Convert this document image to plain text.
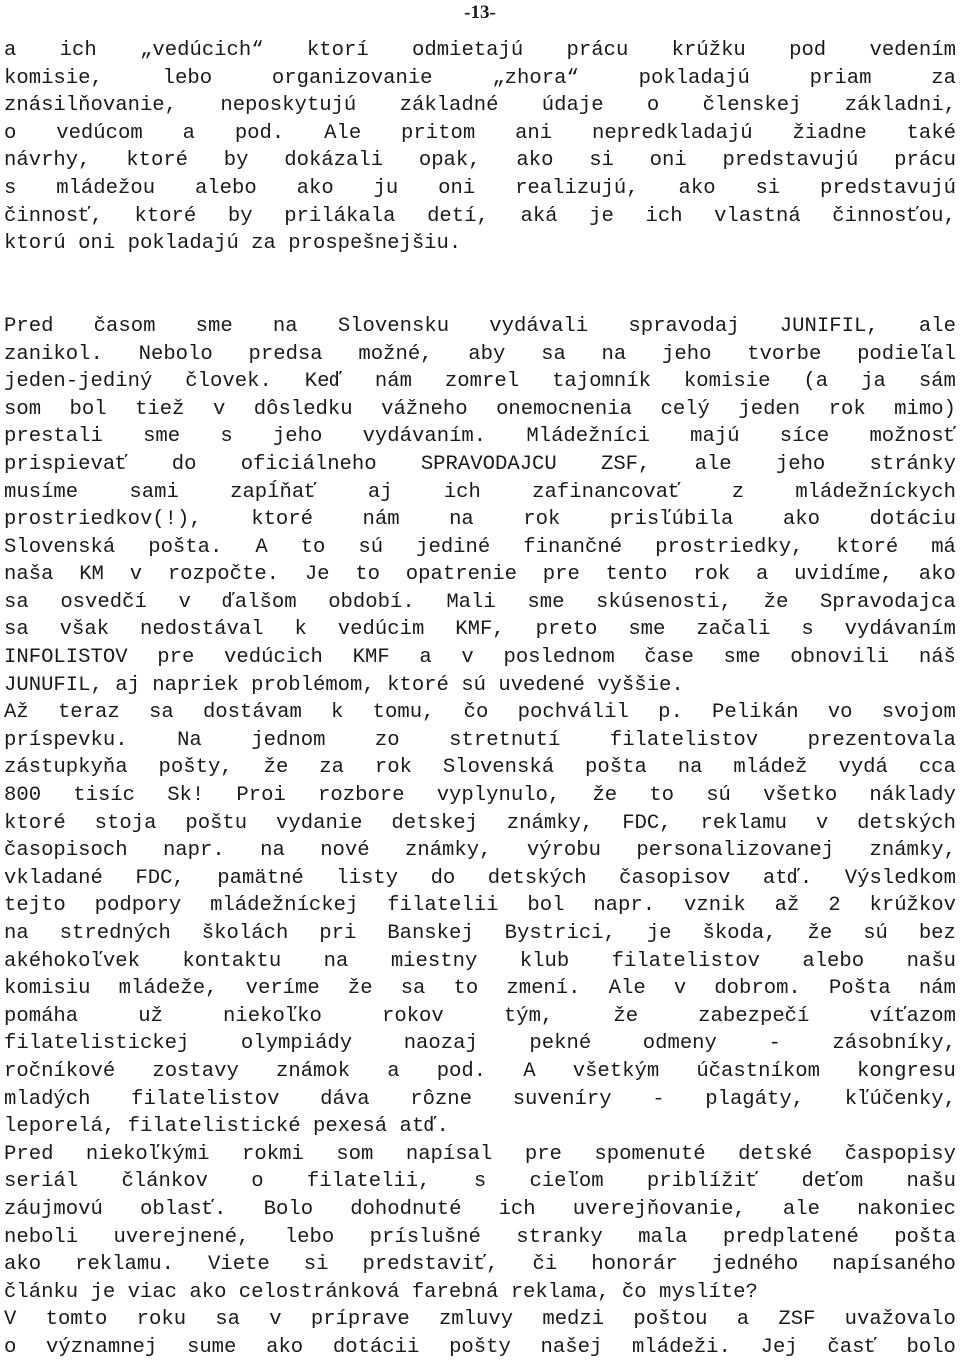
-13-
a ich „vedúcich“ ktorí odmietajú prácu krúžku pod vedením
komisie,	lebo	organizovanie	„zhora“	pokladajú	priam	za
znásilňovanie, neposkytujú základné údaje o členskej základni,
o vedúcom a pod. Ale pritom ani nepredkladajú žiadne také
návrhy, ktoré by dokázali opak, ako si oni predstavujú prácu
s mládežou alebo ako ju oni realizujú, ako si predstavujú
činnosť, ktoré by prilákala detí, aká je ich vlastná činnosťou,
ktorú oni pokladajú za prospešnejšiu.
Pred časom sme na Slovensku vydávali spravodaj JUNIFIL, ale
zanikol. Nebolo predsa možné, aby sa na jeho tvorbe podieľal
jeden-jediný človek. Keď nám zomrel tajomník komisie (a ja sám
som bol tiež v dôsledku vážneho onemocnenia celý jeden rok mimo)
prestali sme s jeho vydávaním. Mládežníci majú síce možnosť
prispievať do oficiálneho SPRAVODAJCU ZSF, ale jeho stránky
musíme sami zapĺňať aj ich zafinancovať z mládežníckych
prostriedkov(!), ktoré nám na rok prisľúbila ako dotáciu
Slovenská pošta. A to sú jediné finančné prostriedky, ktoré má
naša KM v rozpočte. Je to opatrenie pre tento rok a uvidíme, ako
sa osvedčí v ďalšom období. Mali sme skúsenosti, že Spravodajca
sa však nedostával k vedúcim KMF, preto sme začali s vydávaním
INFOLISTOV pre vedúcich KMF a v poslednom čase sme obnovili náš
JUNUFIL, aj napriek problémom, ktoré sú uvedené vyššie.
Až teraz sa dostávam k tomu, čo pochválil p. Pelikán vo svojom
príspevku. Na jednom zo stretnutí filatelistov prezentovala
zástupkyňa pošty, že za rok Slovenská pošta na mládež vydá cca
800 tisíc Sk! Proi rozbore vyplynulo, že to sú všetko náklady
ktoré stoja poštu vydanie detskej známky, FDC, reklamu v detských
časopisoch napr. na nové známky, výrobu personalizovanej známky,
vkladané FDC, pamätné listy do detských časopisov atď. Výsledkom
tejto podpory mládežníckej filatelii bol napr. vznik až 2 krúžkov
na stredných školách pri Banskej Bystrici, je škoda, že sú bez
akéhokoľvek kontaktu na miestny klub filatelistov alebo našu
komisiu mládeže, veríme že sa to zmení. Ale v dobrom. Pošta nám
pomáha	už	niekoľko	rokov	tým,	že	zabezpečí	víťazom
filatelistickej	olympiády	naozaj	pekné	odmeny	-	zásobníky,
ročníkové zostavy známok a pod. A všetkým účastníkom kongresu
mladých filatelistov dáva rôzne suveníry - plagáty, kľúčenky,
leporelá, filatelistické pexesá atď.
Pred niekoľkými rokmi som napísal pre spomenuté detské časpopisy
seriál článkov o filatelii, s cieľom priblížiť deťom našu
záujmovú oblasť. Bolo dohodnuté ich uverejňovanie, ale nakoniec
neboli uverejnené, lebo príslušné stranky mala predplatené pošta
ako reklamu. Viete si predstaviť, či honorár jedného napísaného
článku je viac ako celostránková farebná reklama, čo myslíte?
V tomto roku sa v príprave zmluvy medzi poštou a ZSF uvažovalo
o významnej sume ako dotácii pošty našej mládeži. Jej časť bolo
